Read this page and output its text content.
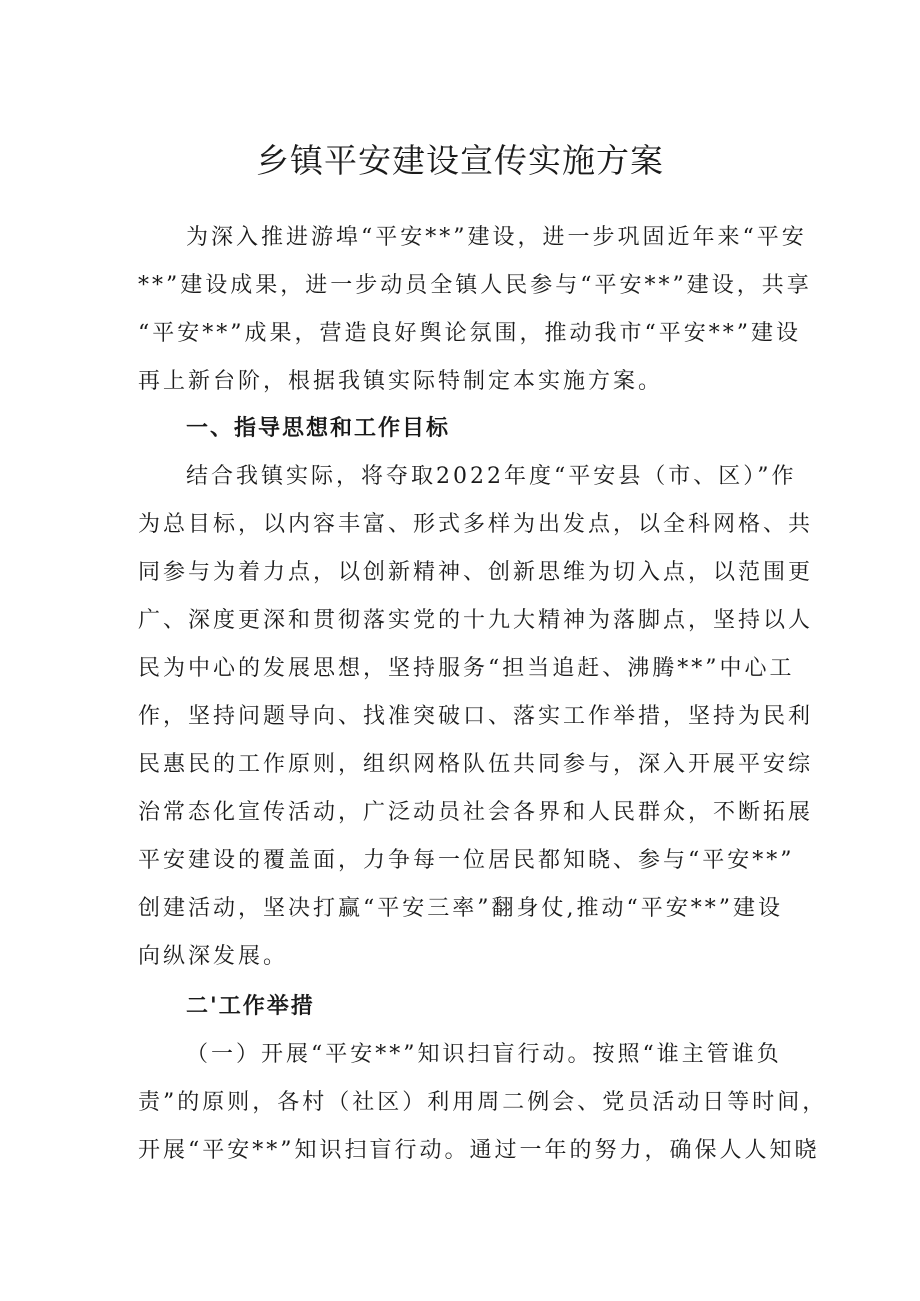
乡镇平安建设宣传实施方案
为深入推进游埠“平安**”建设，进一步巩固近年来“平安
**”建设成果，进一步动员全镇人民参与“平安**”建设，共享
“平安**”成果，营造良好舆论氛围，推动我市“平安**”建设
再上新台阶，根据我镇实际特制定本实施方案。
一、指导思想和工作目标
结合我镇实际，将夺取2022年度“平安县（市、区）”作
为总目标，以内容丰富、形式多样为出发点，以全科网格、共
同参与为着力点，以创新精神、创新思维为切入点，以范围更
广、深度更深和贯彻落实党的十九大精神为落脚点，坚持以人
民为中心的发展思想，坚持服务“担当追赶、沸腾**”中心工
作，坚持问题导向、找准突破口、落实工作举措，坚持为民利
民惠民的工作原则，组织网格队伍共同参与，深入开展平安综
治常态化宣传活动，广泛动员社会各界和人民群众，不断拓展
平安建设的覆盖面，力争每一位居民都知晓、参与“平安**”
创建活动，坚决打赢“平安三率”翻身仗,推动“平安**”建设
向纵深发展。
二'工作举措
（一）开展“平安**”知识扫盲行动。按照“谁主管谁负
责”的原则，各村（社区）利用周二例会、党员活动日等时间，
开展“平安**”知识扫盲行动。通过一年的努力，确保人人知晓
